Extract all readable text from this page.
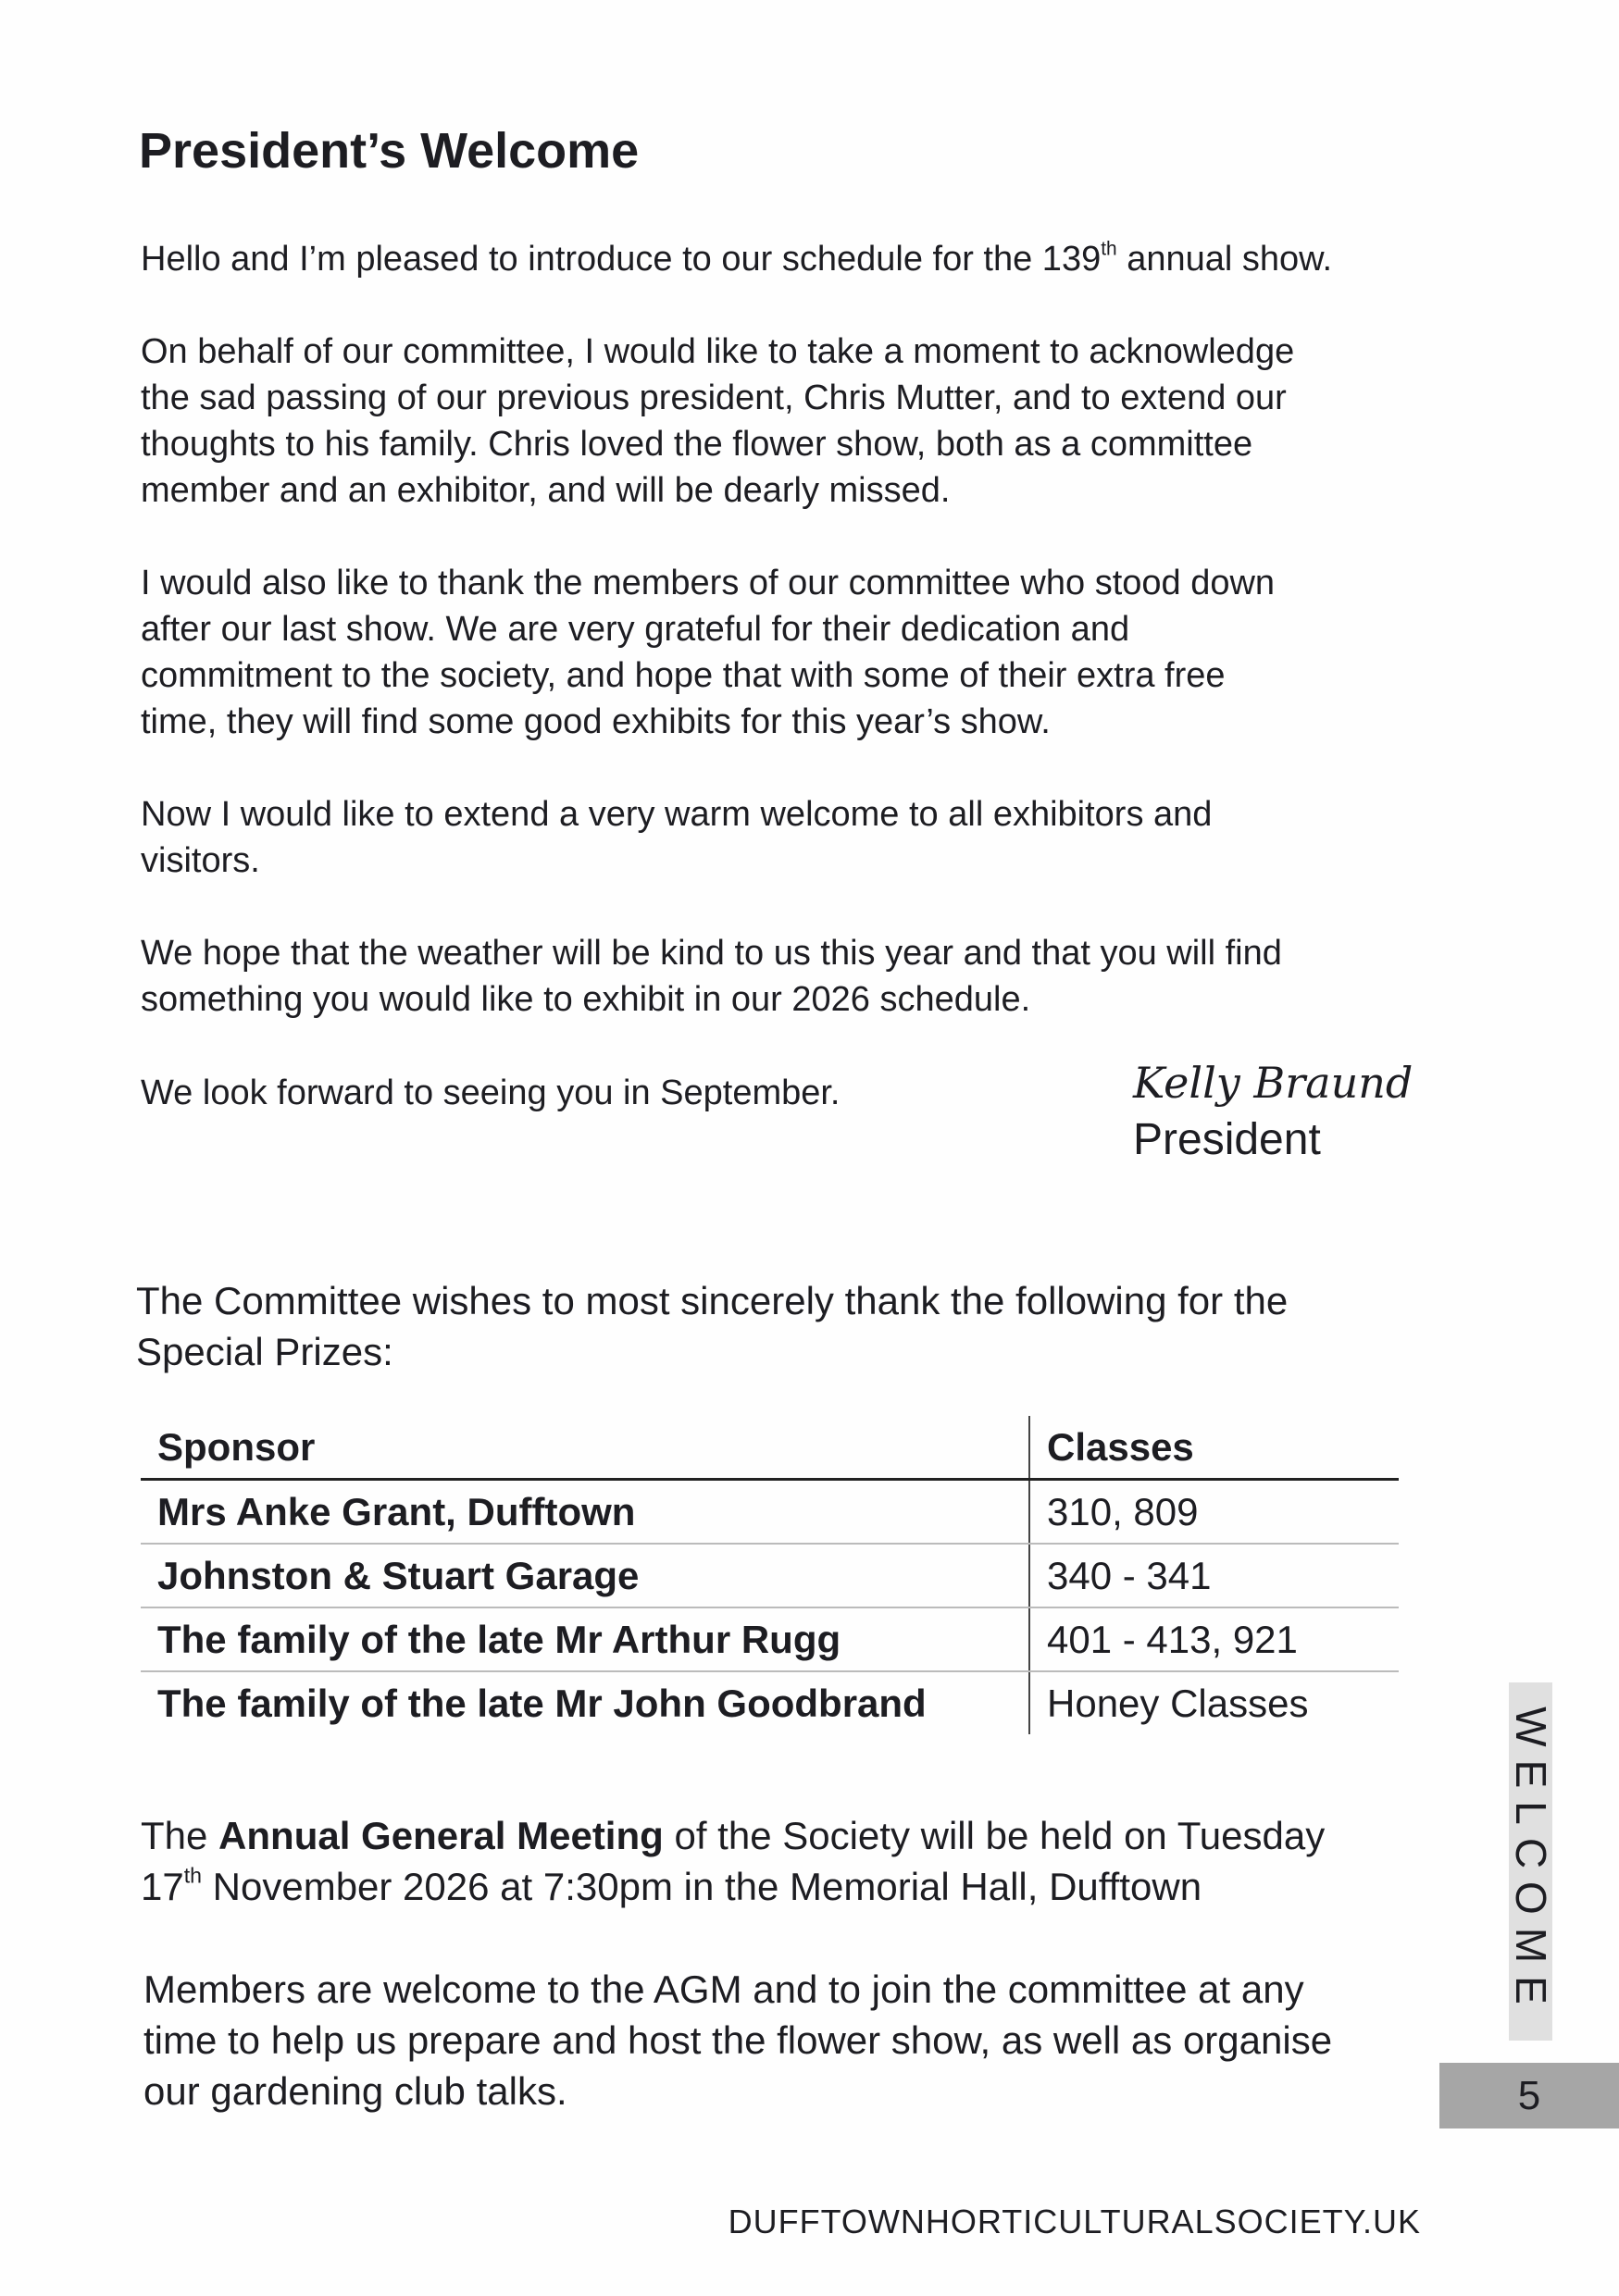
President’s Welcome
Hello and I’m pleased to introduce to our schedule for the 139th annual show.
On behalf of our committee, I would like to take a moment to acknowledge
the sad passing of our previous president, Chris Mutter, and to extend our
thoughts to his family. Chris loved the flower show, both as a committee
member and an exhibitor, and will be dearly missed.
I would also like to thank the members of our committee who stood down
after our last show. We are very grateful for their dedication and
commitment to the society, and hope that with some of their extra free
time, they will find some good exhibits for this year’s show.
Now I would like to extend a very warm welcome to all exhibitors and
visitors.
We hope that the weather will be kind to us this year and that you will find
something you would like to exhibit in our 2026 schedule.
We look forward to seeing you in September.	Kelly Braund
President
The Committee wishes to most sincerely thank the following for the
Special Prizes:
Sponsor	Classes
Mrs Anke Grant, Dufftown	310, 809
Johnston & Stuart Garage	340 - 341
The family of the late Mr Arthur Rugg	401 - 413, 921
The family of the late Mr John Goodbrand	Honey Classes
The Annual General Meeting of the Society will be held on Tuesday
17th November 2026 at 7:30pm in the Memorial Hall, Dufftown
Members are welcome to the AGM and to join the committee at any
time to help us prepare and host the flower show, as well as organise
our gardening club talks.
WELCOME
DUFFTOWNHORTICULTURALSOCIETY.UK
5
